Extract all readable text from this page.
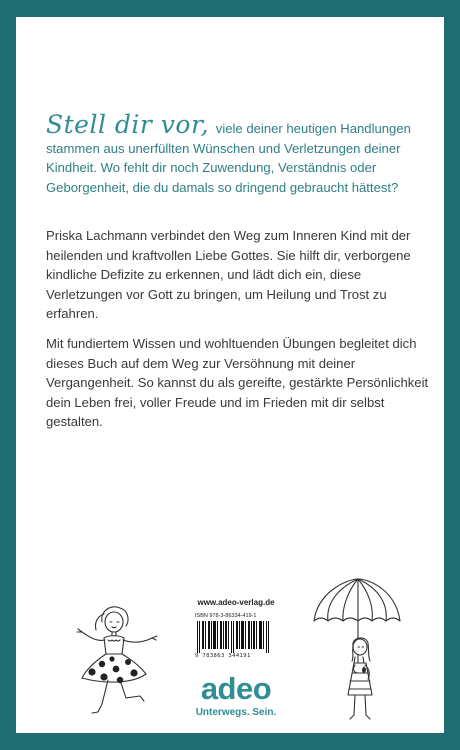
Stell dir vor, viele deiner heutigen Handlungen stammen aus unerfüllten Wünschen und Verletzungen deiner Kindheit. Wo fehlt dir noch Zuwendung, Verständnis oder Geborgenheit, die du damals so dringend gebraucht hättest?

Priska Lachmann verbindet den Weg zum Inneren Kind mit der heilenden und kraftvollen Liebe Gottes. Sie hilft dir, verborgene kindliche Defizite zu erkennen, und lädt dich ein, diese Verletzungen vor Gott zu bringen, um Heilung und Trost zu erfahren.

Mit fundiertem Wissen und wohltuenden Übungen begleitet dich dieses Buch auf dem Weg zur Versöhnung mit deiner Vergangenheit. So kannst du als gereifte, gestärkte Persönlichkeit dein Leben frei, voller Freude und im Frieden mit dir selbst gestalten.

www.adeo-verlag.de
ISBN 978-3-86334-419-1
9 783863 344191
adeo
Unterwegs. Sein.
